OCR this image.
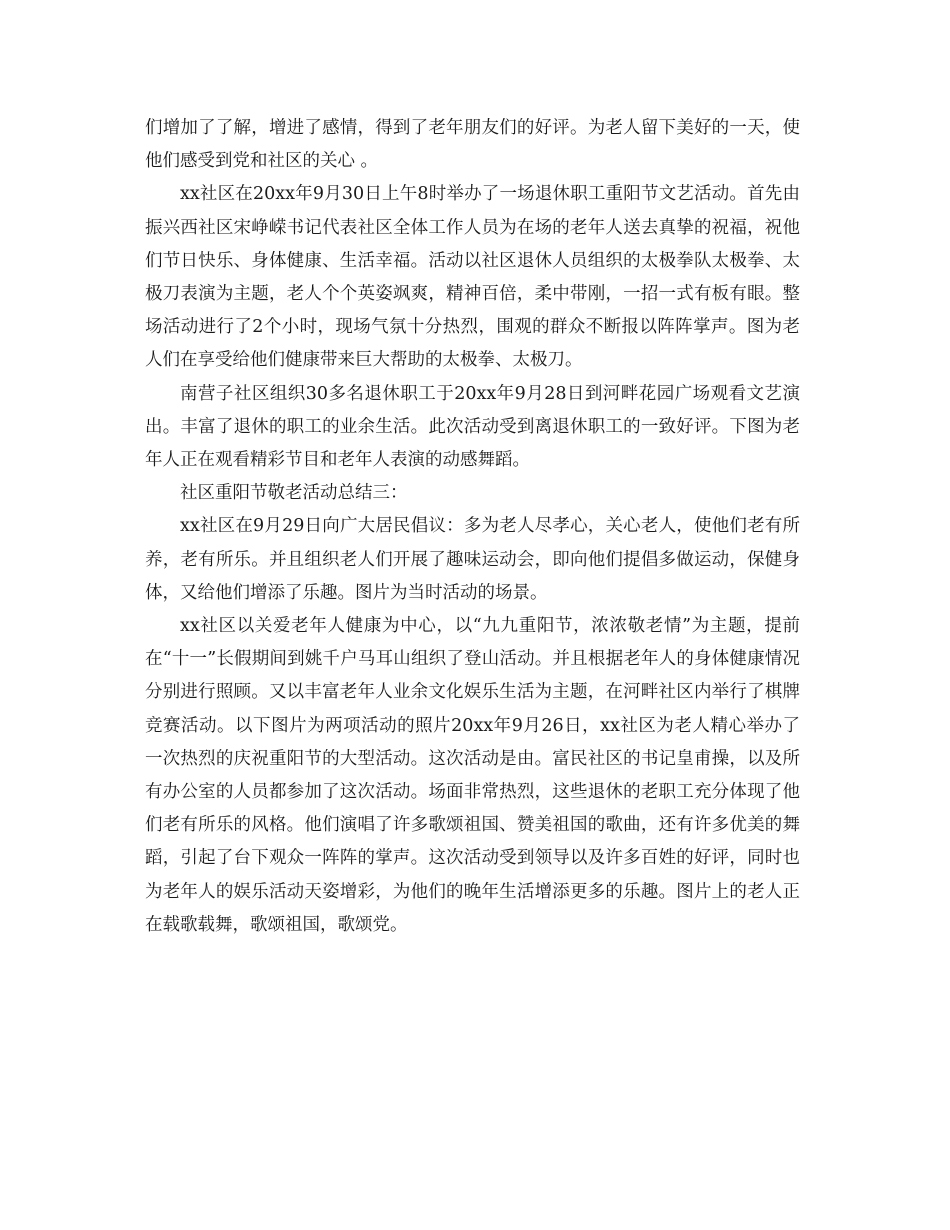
们增加了了解，增进了感情，得到了老年朋友们的好评。为老人留下美好的一天，使他们感受到党和社区的关心 。

xx社区在20xx年9月30日上午8时举办了一场退休职工重阳节文艺活动。首先由振兴西社区宋峥嵘书记代表社区全体工作人员为在场的老年人送去真挚的祝福，祝他们节日快乐、身体健康、生活幸福。活动以社区退休人员组织的太极拳队太极拳、太极刀表演为主题，老人个个英姿飒爽，精神百倍，柔中带刚，一招一式有板有眼。整场活动进行了2个小时，现场气氛十分热烈，围观的群众不断报以阵阵掌声。图为老人们在享受给他们健康带来巨大帮助的太极拳、太极刀。

南营子社区组织30多名退休职工于20xx年9月28日到河畔花园广场观看文艺演出。丰富了退休的职工的业余生活。此次活动受到离退休职工的一致好评。下图为老年人正在观看精彩节目和老年人表演的动感舞蹈。

社区重阳节敬老活动总结三：

xx社区在9月29日向广大居民倡议：多为老人尽孝心，关心老人，使他们老有所养，老有所乐。并且组织老人们开展了趣味运动会，即向他们提倡多做运动，保健身体，又给他们增添了乐趣。图片为当时活动的场景。

xx社区以关爱老年人健康为中心，以“九九重阳节，浓浓敬老情”为主题，提前在“十一”长假期间到姚千户马耳山组织了登山活动。并且根据老年人的身体健康情况分别进行照顾。又以丰富老年人业余文化娱乐生活为主题，在河畔社区内举行了棋牌竞赛活动。以下图片为两项活动的照片20xx年9月26日，xx社区为老人精心举办了一次热烈的庆祝重阳节的大型活动。这次活动是由。富民社区的书记皇甫操，以及所有办公室的人员都参加了这次活动。场面非常热烈，这些退休的老职工充分体现了他们老有所乐的风格。他们演唱了许多歌颂祖国、赞美祖国的歌曲，还有许多优美的舞蹈，引起了台下观众一阵阵的掌声。这次活动受到领导以及许多百姓的好评，同时也为老年人的娱乐活动天姿增彩，为他们的晚年生活增添更多的乐趣。图片上的老人正在载歌载舞，歌颂祖国，歌颂党。
